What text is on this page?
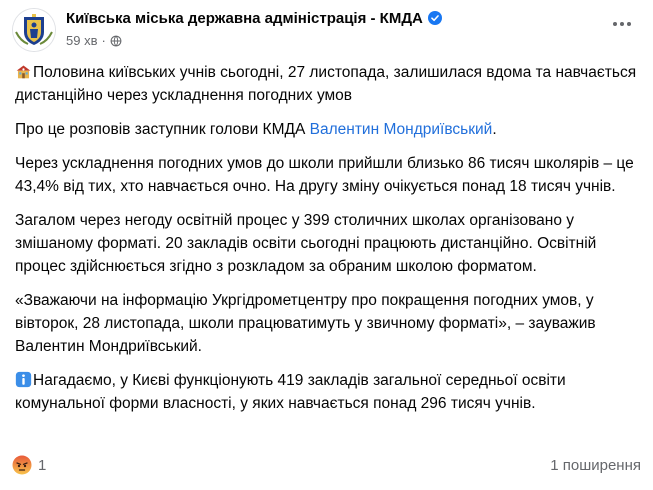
Київська міська державна адміністрація - КМДА
59 хв ·

Половина київських учнів сьогодні, 27 листопада, залишилася вдома та навчається дистанційно через ускладнення погодних умов

Про це розповів заступник голови КМДА Валентин Мондриївський.

Через ускладнення погодних умов до школи прийшли близько 86 тисяч школярів – це 43,4% від тих, хто навчається очно. На другу зміну очікується понад 18 тисяч учнів.

Загалом через негоду освітній процес у 399 столичних школах організовано у змішаному форматі. 20 закладів освіти сьогодні працюють дистанційно. Освітній процес здійснюється згідно з розкладом за обраним школою форматом.

«Зважаючи на інформацію Укргідрометцентру про покращення погодних умов, у вівторок, 28 листопада, школи працюватимуть у звичному форматі», – зауважив Валентин Мондриївський.

Нагадаємо, у Києві функціонують 419 закладів загальної середньої освіти комунальної форми власності, у яких навчається понад 296 тисяч учнів.

1	1 поширення
